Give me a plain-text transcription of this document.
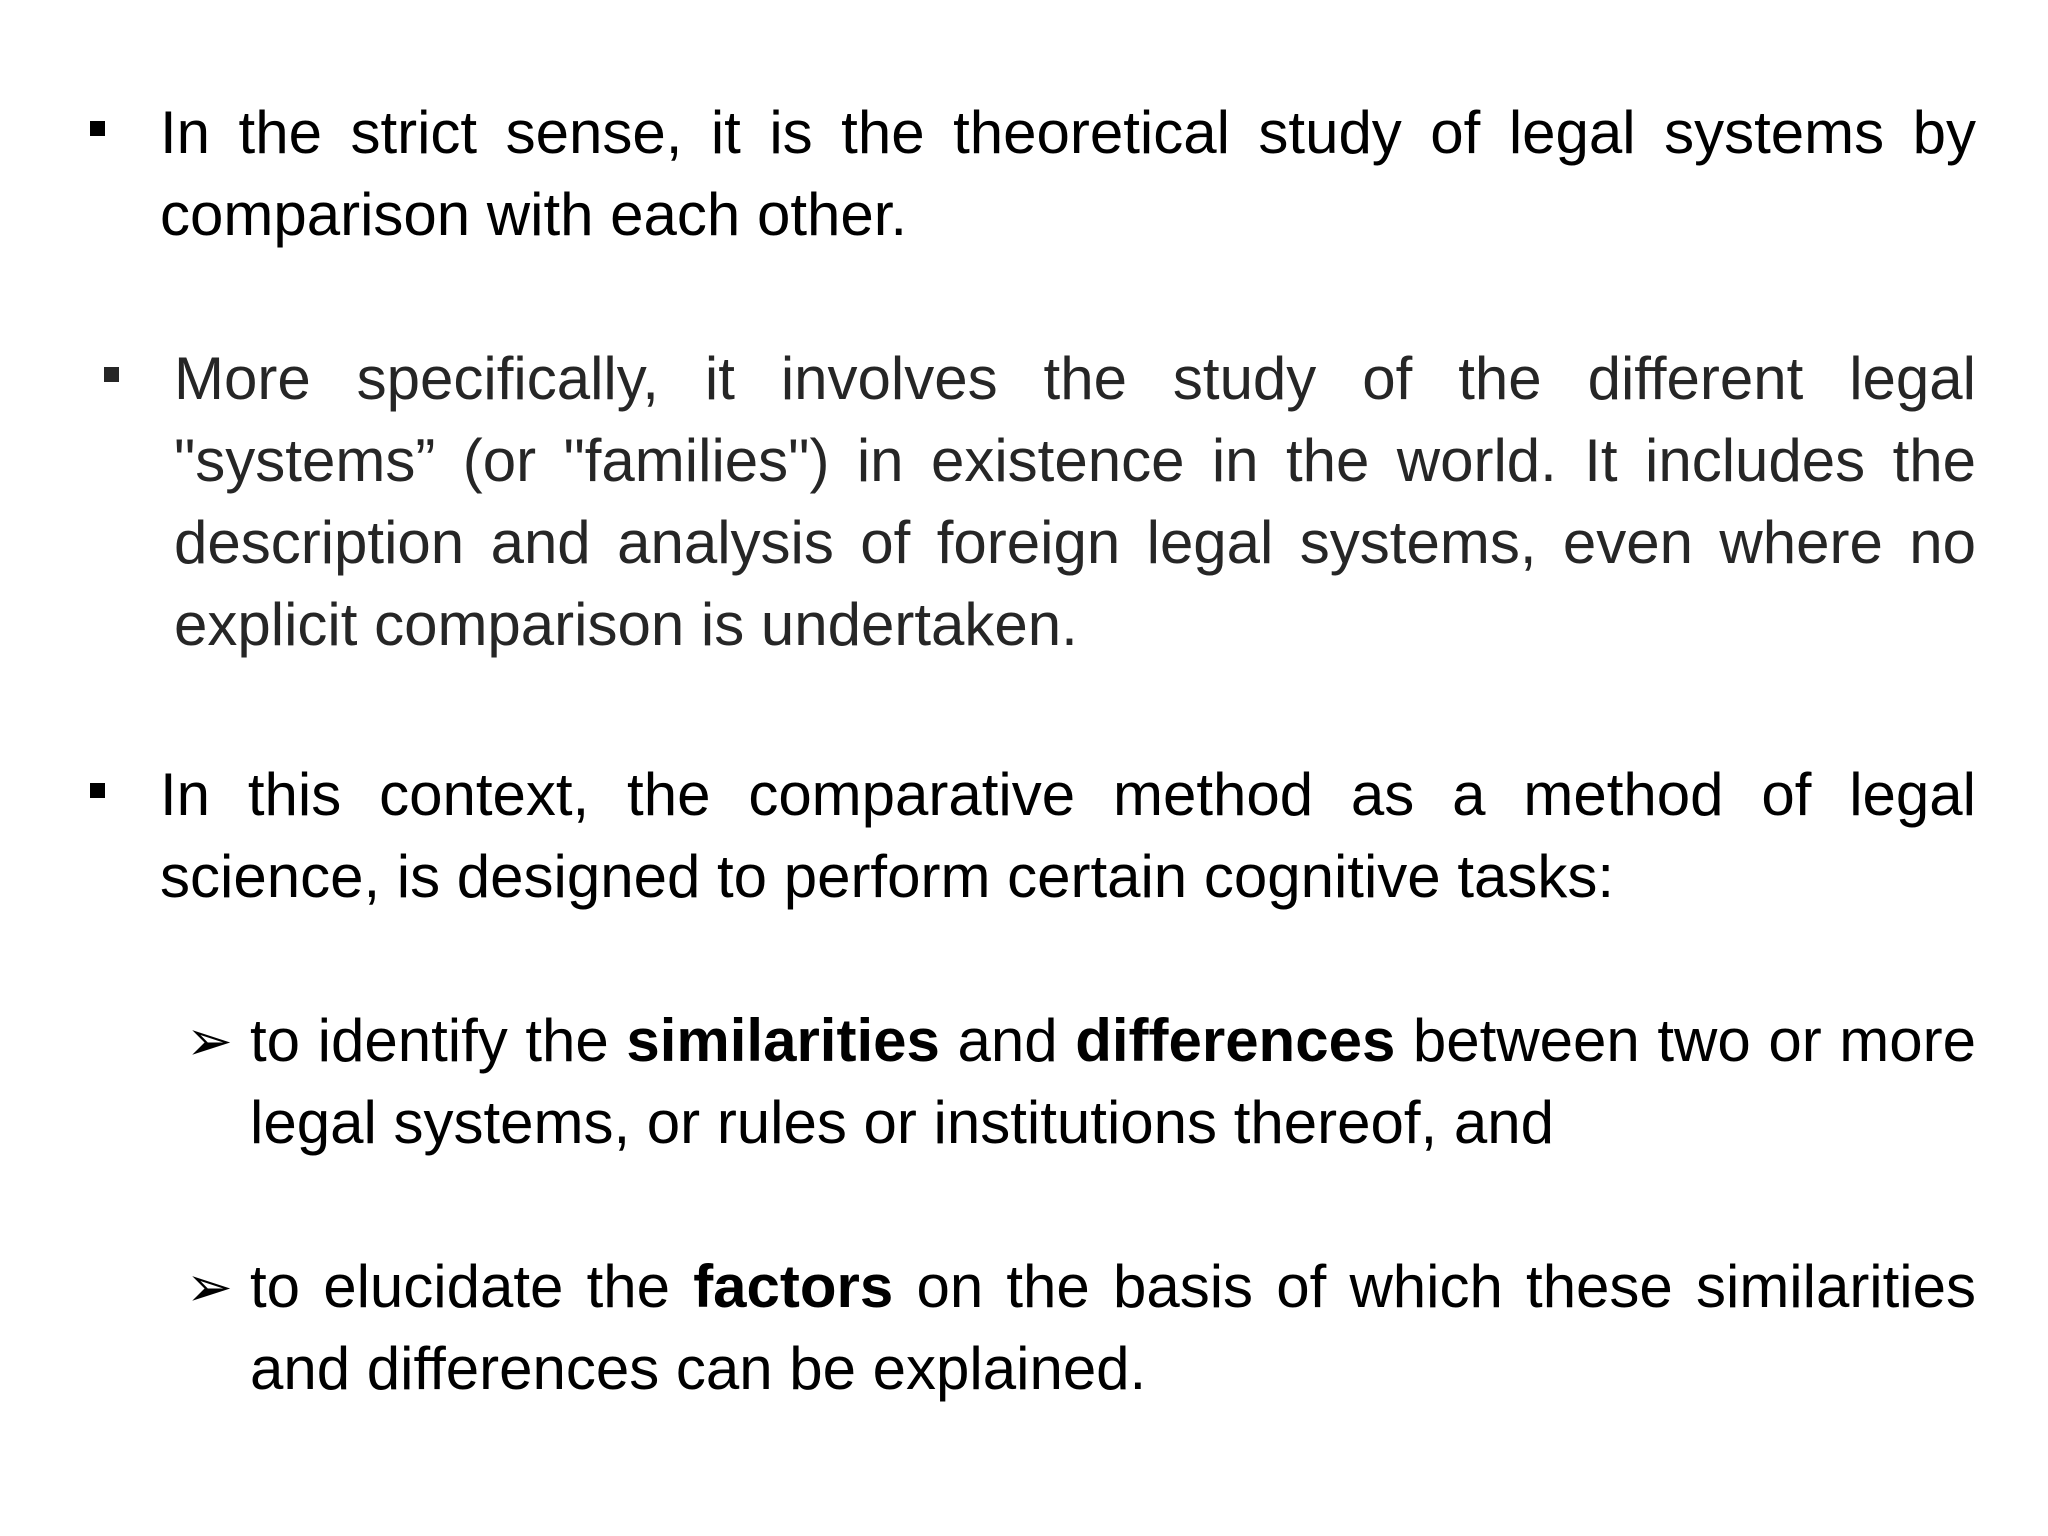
In the strict sense, it is the theoretical study of legal systems by comparison with each other.
More specifically, it involves the study of the different legal "systems” (or "families") in existence in the world. It includes the description and analysis of foreign legal systems, even where no explicit comparison is undertaken.
In this context, the comparative method as a method of legal science, is designed to perform certain cognitive tasks:
➢ to identify the similarities and differences between two or more legal systems, or rules or institutions thereof, and
➢ to elucidate the factors on the basis of which these similarities and differences can be explained.
